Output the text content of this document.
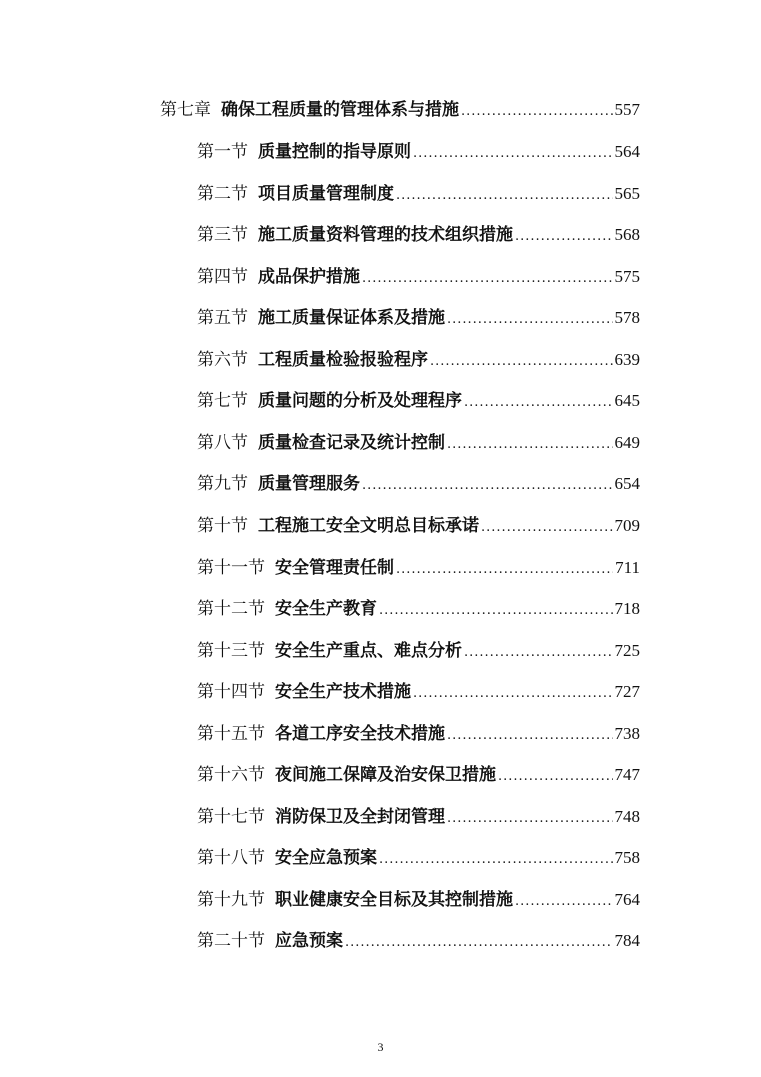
第七章 确保工程质量的管理体系与措施 .....	557
第一节 质量控制的指导原则 .....	564
第二节 项目质量管理制度 .....	565
第三节 施工质量资料管理的技术组织措施 .....	568
第四节 成品保护措施 .....	575
第五节 施工质量保证体系及措施 .....	578
第六节 工程质量检验报验程序 .....	639
第七节 质量问题的分析及处理程序 .....	645
第八节 质量检查记录及统计控制 .....	649
第九节 质量管理服务 .....	654
第十节 工程施工安全文明总目标承诺 .....	709
第十一节 安全管理责任制 .....	711
第十二节 安全生产教育 .....	718
第十三节 安全生产重点、难点分析 .....	725
第十四节 安全生产技术措施 .....	727
第十五节 各道工序安全技术措施 .....	738
第十六节 夜间施工保障及治安保卫措施 .....	747
第十七节 消防保卫及全封闭管理 .....	748
第十八节 安全应急预案 .....	758
第十九节 职业健康安全目标及其控制措施 .....	764
第二十节 应急预案 .....	784
3
